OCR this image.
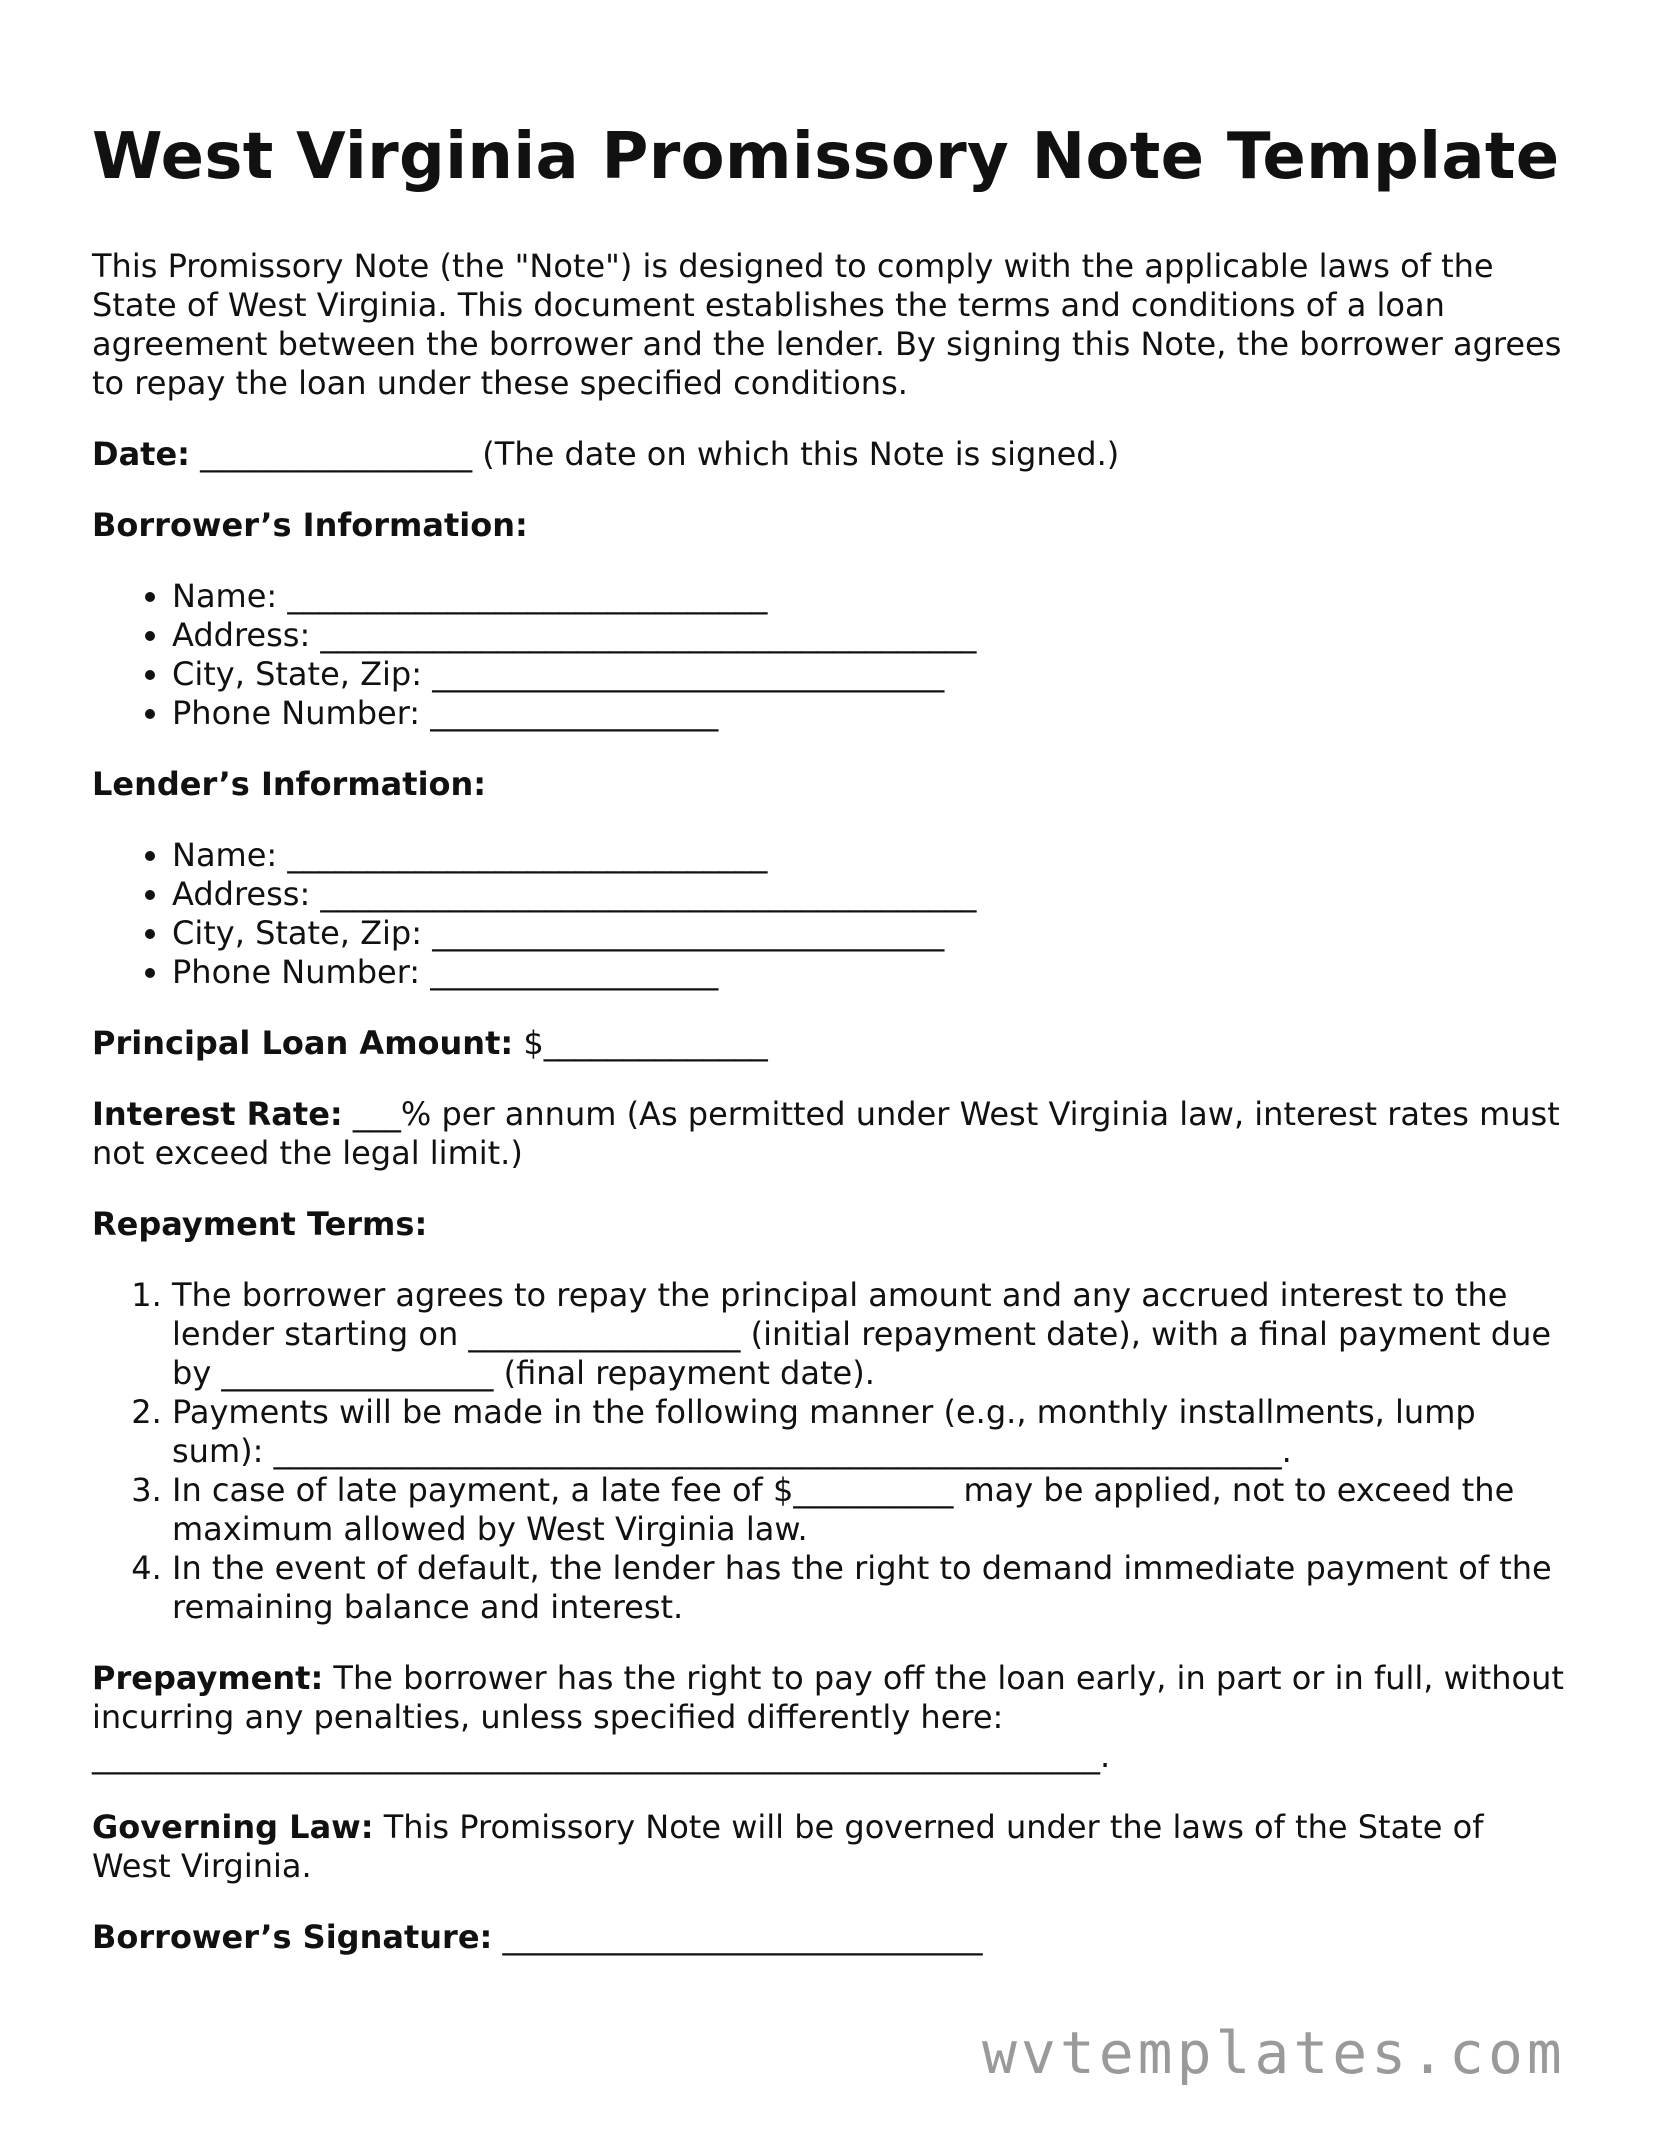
West Virginia Promissory Note Template

This Promissory Note (the "Note") is designed to comply with the applicable laws of the State of West Virginia. This document establishes the terms and conditions of a loan agreement between the borrower and the lender. By signing this Note, the borrower agrees to repay the loan under these specified conditions.

Date: _________________ (The date on which this Note is signed.)

Borrower’s Information:

• Name: ______________________________
• Address: _________________________________________
• City, State, Zip: ________________________________
• Phone Number: __________________

Lender’s Information:

• Name: ______________________________
• Address: _________________________________________
• City, State, Zip: ________________________________
• Phone Number: __________________

Principal Loan Amount: $______________

Interest Rate: ___% per annum (As permitted under West Virginia law, interest rates must not exceed the legal limit.)

Repayment Terms:

1. The borrower agrees to repay the principal amount and any accrued interest to the lender starting on _________________ (initial repayment date), with a final payment due by _________________ (final repayment date).
2. Payments will be made in the following manner (e.g., monthly installments, lump sum): _______________________________________________________________.
3. In case of late payment, a late fee of $__________ may be applied, not to exceed the maximum allowed by West Virginia law.
4. In the event of default, the lender has the right to demand immediate payment of the remaining balance and interest.

Prepayment: The borrower has the right to pay off the loan early, in part or in full, without incurring any penalties, unless specified differently here: _______________________________________________________________.

Governing Law: This Promissory Note will be governed under the laws of the State of West Virginia.

Borrower’s Signature: ______________________________

wvtemplates.com
